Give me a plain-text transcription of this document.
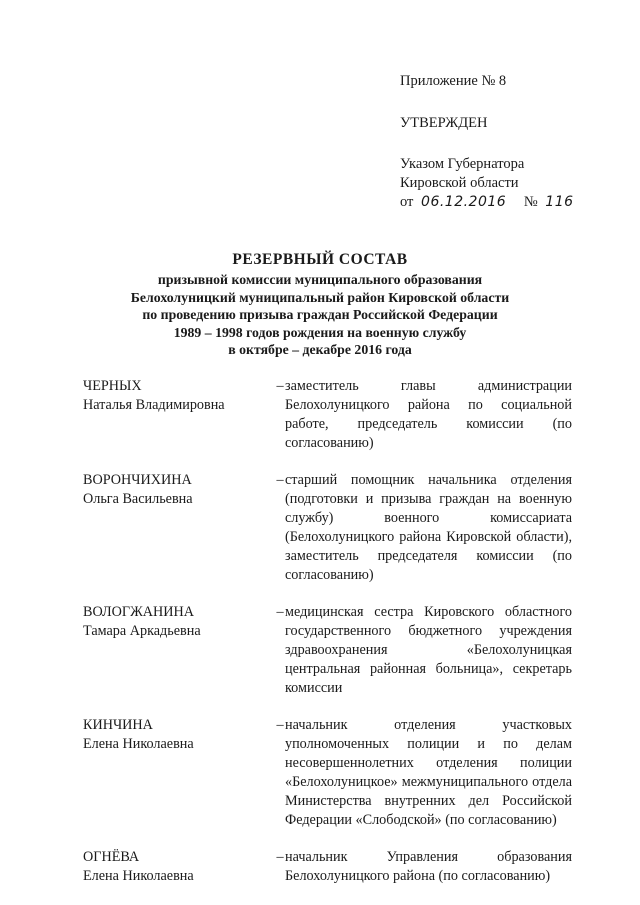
Приложение № 8
УТВЕРЖДЕН
Указом Губернатора
Кировской области
от 06.12.2016 № 116
РЕЗЕРВНЫЙ СОСТАВ
призывной комиссии муниципального образования
Белохолуницкий муниципальный район Кировской области
по проведению призыва граждан Российской Федерации
1989 – 1998 годов рождения на военную службу
в октябре – декабре 2016 года
ЧЕРНЫХ
Наталья Владимировна
– заместитель главы администрации Белохолуницкого района по социальной работе, председатель комиссии (по согласованию)
ВОРОНЧИХИНА
Ольга Васильевна
– старший помощник начальника отделения (подготовки и призыва граждан на военную службу) военного комиссариата (Белохолуницкого района Кировской области), заместитель председателя комиссии (по согласованию)
ВОЛОГЖАНИНА
Тамара Аркадьевна
– медицинская сестра Кировского областного государственного бюджетного учреждения здравоохранения «Белохолуницкая центральная районная больница», секретарь комиссии
КИНЧИНА
Елена Николаевна
– начальник отделения участковых уполномоченных полиции и по делам несовершеннолетних отделения полиции «Белохолуницкое» межмуниципального отдела Министерства внутренних дел Российской Федерации «Слободской» (по согласованию)
ОГНЁВА
Елена Николаевна
– начальник Управления образования Белохолуницкого района (по согласованию)
